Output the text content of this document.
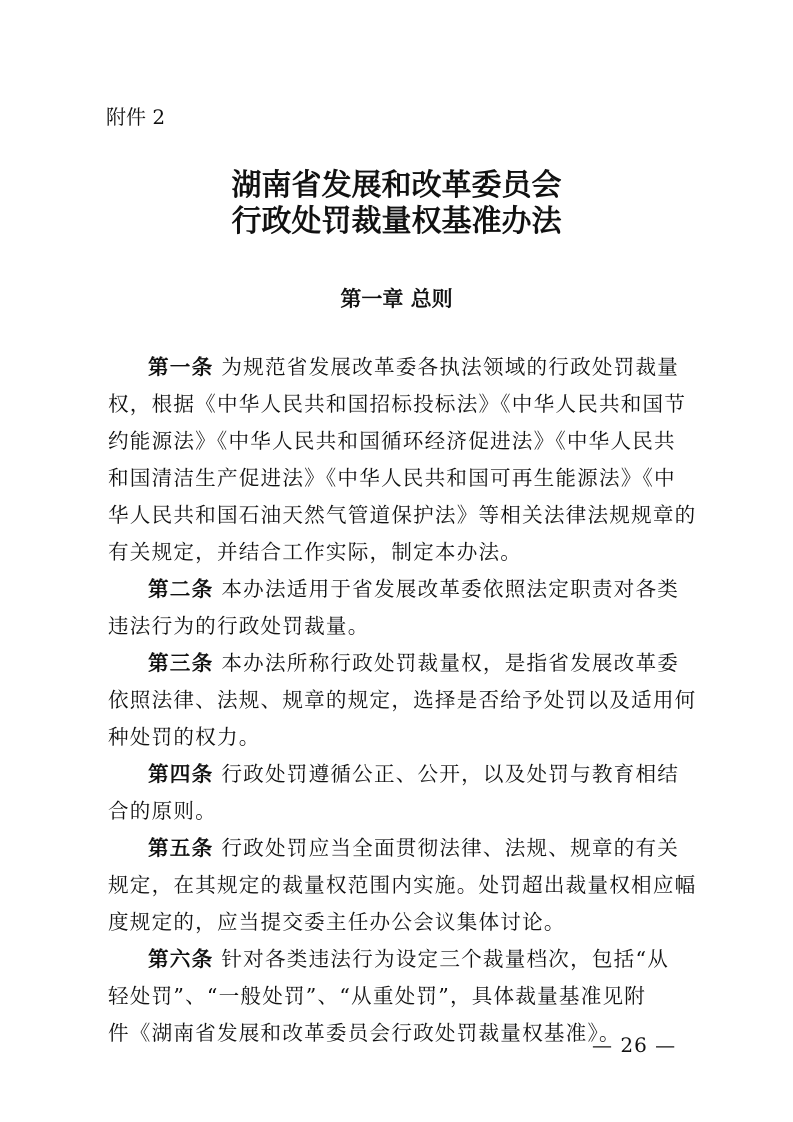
附件 2
湖南省发展和改革委员会
行政处罚裁量权基准办法
第一章 总则
第一条 为规范省发展改革委各执法领域的行政处罚裁量
权，根据《中华人民共和国招标投标法》《中华人民共和国节
约能源法》《中华人民共和国循环经济促进法》《中华人民共
和国清洁生产促进法》《中华人民共和国可再生能源法》《中
华人民共和国石油天然气管道保护法》等相关法律法规规章的
有关规定，并结合工作实际，制定本办法。
第二条 本办法适用于省发展改革委依照法定职责对各类
违法行为的行政处罚裁量。
第三条 本办法所称行政处罚裁量权，是指省发展改革委
依照法律、法规、规章的规定，选择是否给予处罚以及适用何
种处罚的权力。
第四条 行政处罚遵循公正、公开，以及处罚与教育相结
合的原则。
第五条 行政处罚应当全面贯彻法律、法规、规章的有关
规定，在其规定的裁量权范围内实施。处罚超出裁量权相应幅
度规定的，应当提交委主任办公会议集体讨论。
第六条 针对各类违法行为设定三个裁量档次，包括“从
轻处罚”、“一般处罚”、“从重处罚”，具体裁量基准见附
件《湖南省发展和改革委员会行政处罚裁量权基准》。
— 26 —
